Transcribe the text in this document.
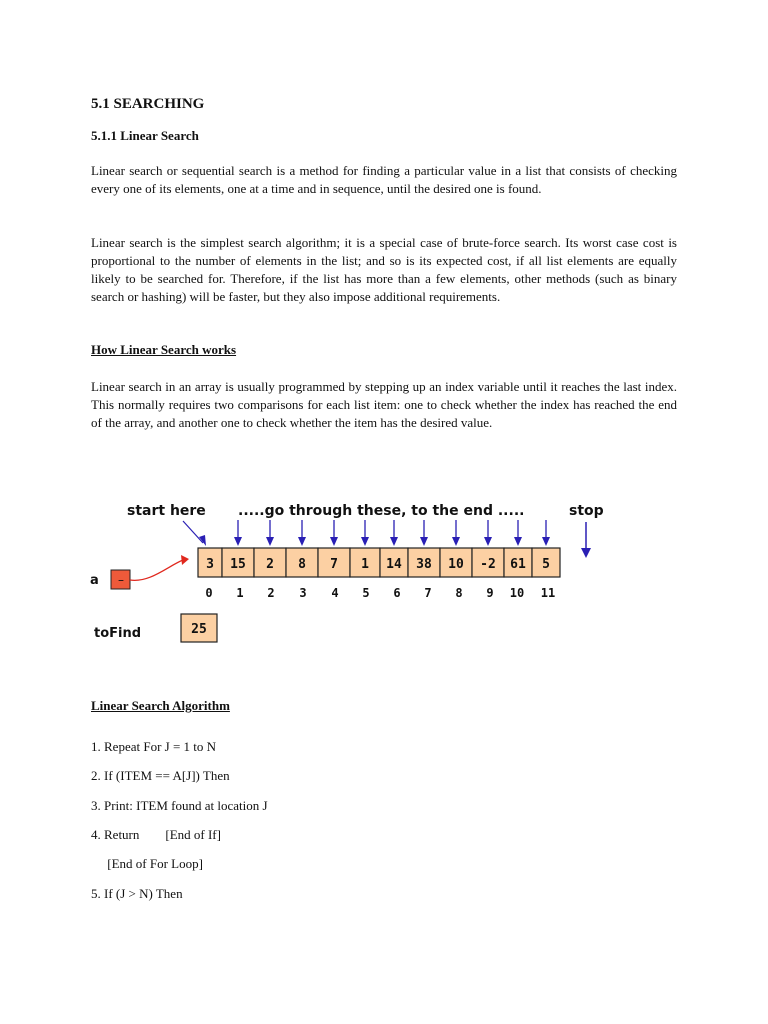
5.1 SEARCHING
5.1.1 Linear Search

Linear search or sequential search is a method for finding a particular value in a list that consists of checking every one of its elements, one at a time and in sequence, until the desired one is found.

Linear search is the simplest search algorithm; it is a special case of brute-force search. Its worst case cost is proportional to the number of elements in the list; and so is its expected cost, if all list elements are equally likely to be searched for. Therefore, if the list has more than a few elements, other methods (such as binary search or hashing) will be faster, but they also impose additional requirements.

How Linear Search works

Linear search in an array is usually programmed by stepping up an index variable until it reaches the last index. This normally requires two comparisons for each list item: one to check whether the index has reached the end of the array, and another one to check whether the item has the desired value.

start here .....go through these, to the end .....	stop
3 15 2 8 7 1 14 38 10 -2 61 5
0 1 2 3 4 5 6 7 8 9 10 11
a –
toFind	25
Linear Search Algorithm
1. Repeat For J = 1 to N
2. If (ITEM == A[J]) Then
3. Print: ITEM found at location J
4. Return        [End of If]
[End of For Loop]
5. If (J > N) Then
